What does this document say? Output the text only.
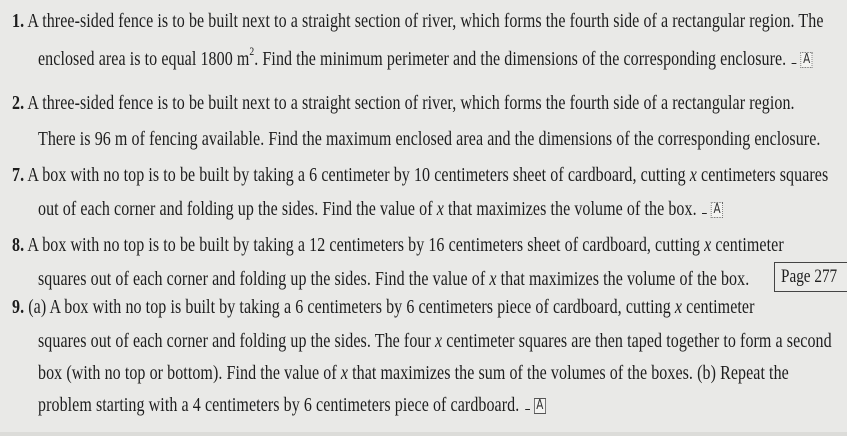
1. A three-sided fence is to be built next to a straight section of river, which forms the fourth side of a rectangular region. The
enclosed area is to equal 1800 $m^2$. Find the minimum perimeter and the dimensions of the corresponding enclosure. A
2. A three-sided fence is to be built next to a straight section of river, which forms the fourth side of a rectangular region.
There is 96 m of fencing available. Find the maximum enclosed area and the dimensions of the corresponding enclosure.
7. A box with no top is to be built by taking a 6 centimeter by 10 centimeters sheet of cardboard, cutting x centimeters squares
out of each corner and folding up the sides. Find the value of x that maximizes the volume of the box. A
8. A box with no top is to be built by taking a 12 centimeters by 16 centimeters sheet of cardboard, cutting x centimeter
squares out of each corner and folding up the sides. Find the value of x that maximizes the volume of the box. Page 277
9. (a) A box with no top is built by taking a 6 centimeters by 6 centimeters piece of cardboard, cutting x centimeter
squares out of each corner and folding up the sides. The four x centimeter squares are then taped together to form a second
box (with no top or bottom). Find the value of x that maximizes the sum of the volumes of the boxes. (b) Repeat the
problem starting with a 4 centimeters by 6 centimeters piece of cardboard. A
